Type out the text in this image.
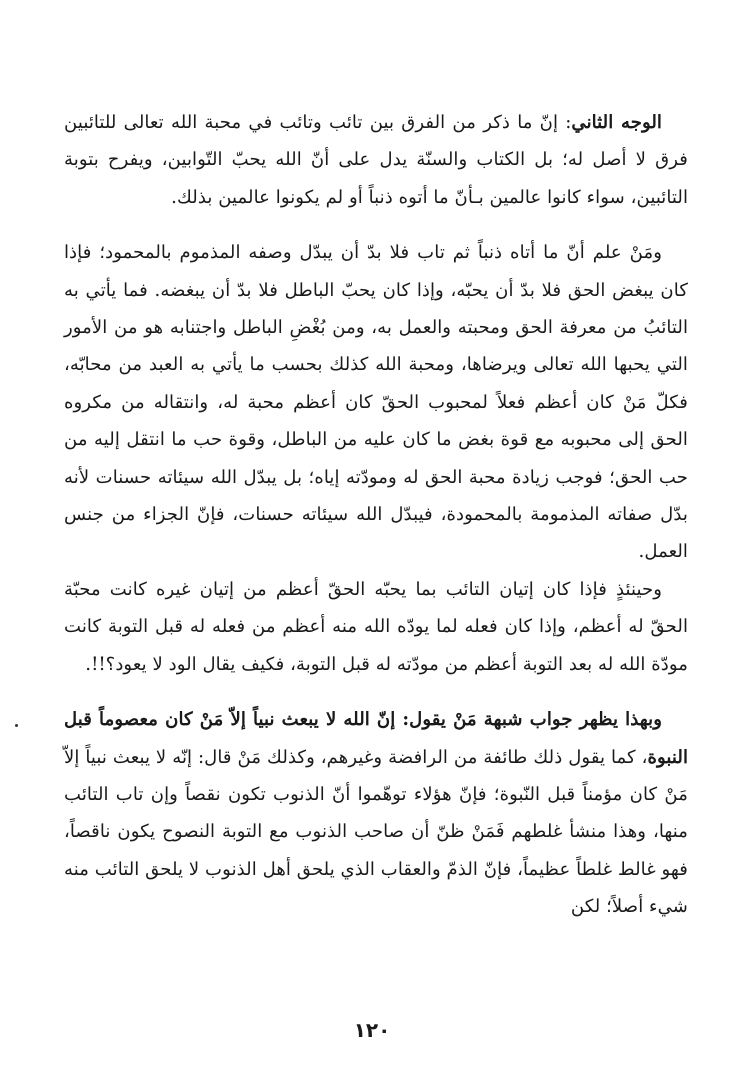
الوجه الثاني: إنّ ما ذكر من الفرق بين تائب وتائب في محبة الله تعالى للتائبين فرق لا أصل له؛ بل الكتاب والسنّة يدل على أنّ الله يحبّ التّوابين، ويفرح بتوبة التائبين، سواء كانوا عالمين بـأنّ ما أتوه ذنباً أو لم يكونوا عالمين بذلك.

ومَنْ علم أنّ ما أتاه ذنباً ثم تاب فلا بدّ أن يبدّل وصفه المذموم بالمحمود؛ فإذا كان يبغض الحق فلا بدّ أن يحبّه، وإذا كان يحبّ الباطل فلا بدّ أن يبغضه. فما يأتي به التائبُ من معرفة الحق ومحبته والعمل به، ومن بُغْضِ الباطل واجتنابه هو من الأمور التي يحبها الله تعالى ويرضاها، ومحبة الله كذلك بحسب ما يأتي به العبد من محابّه، فكلّ مَنْ كان أعظم فعلاً لمحبوب الحقّ كان أعظم محبة له، وانتقاله من مكروه الحق إلى محبوبه مع قوة بغض ما كان عليه من الباطل، وقوة حب ما انتقل إليه من حب الحق؛ فوجب زيادة محبة الحق له ومودّته إياه؛ بل يبدّل الله سيئاته حسنات لأنه بدّل صفاته المذمومة بالمحمودة، فيبدّل الله سيئاته حسنات، فإنّ الجزاء من جنس العمل.

وحينئذٍ فإذا كان إتيان التائب بما يحبّه الحقّ أعظم من إتيان غيره كانت محبّة الحقّ له أعظم، وإذا كان فعله لما يودّه الله منه أعظم من فعله له قبل التوبة كانت مودّة الله له بعد التوبة أعظم من مودّته له قبل التوبة، فكيف يقال الود لا يعود؟!!.

وبهذا يظهر جواب شبهة مَنْ يقول: إنّ الله لا يبعث نبياً إلاّ مَنْ كان معصوماً قبل النبوة، كما يقول ذلك طائفة من الرافضة وغيرهم، وكذلك مَنْ قال: إنّه لا يبعث نبياً إلاّ مَنْ كان مؤمناً قبل النّبوة؛ فإنّ هؤلاء توهّموا أنّ الذنوب تكون نقصاً وإن تاب التائب منها، وهذا منشأ غلطهم فَمَنْ ظنّ أن صاحب الذنوب مع التوبة النصوح يكون ناقصاً، فهو غالط غلطاً عظيماً، فإنّ الذمّ والعقاب الذي يلحق أهل الذنوب لا يلحق التائب منه شيء أصلاً؛ لكن

١٢٠
